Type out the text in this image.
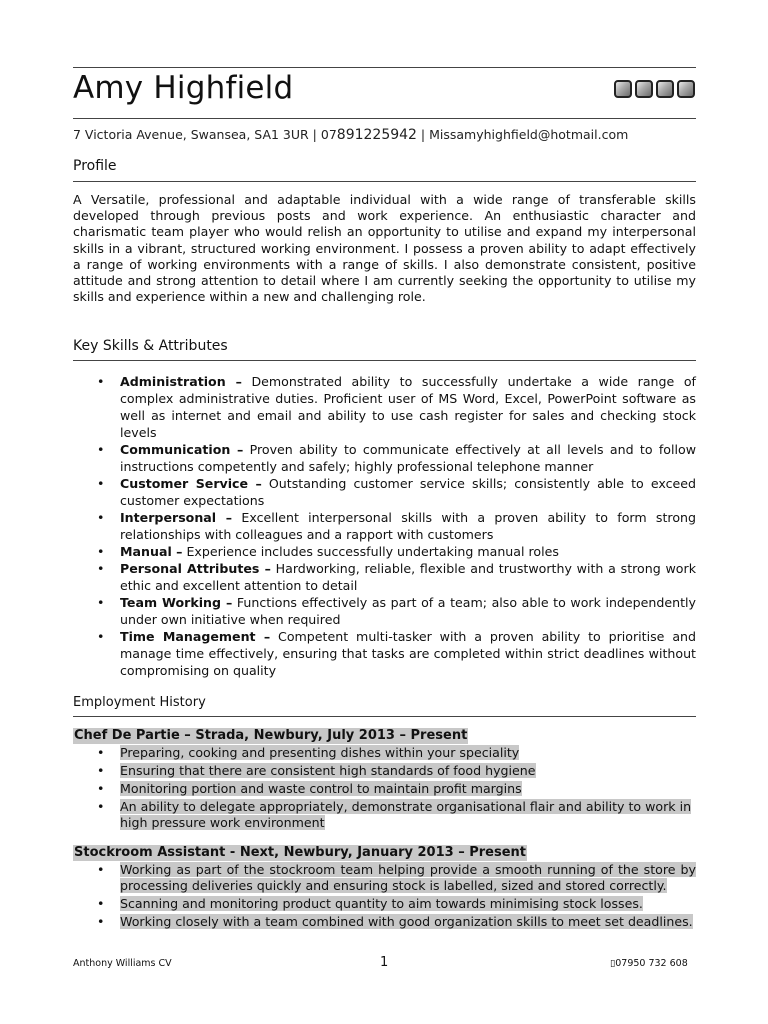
Amy Highfield
7 Victoria Avenue, Swansea, SA1 3UR | 07891225942 | Missamyhighfield@hotmail.com
Profile
A Versatile, professional and adaptable individual with a wide range of transferable skills developed through previous posts and work experience. An enthusiastic character and charismatic team player who would relish an opportunity to utilise and expand my interpersonal skills in a vibrant, structured working environment. I possess a proven ability to adapt effectively a range of working environments with a range of skills. I also demonstrate consistent, positive attitude and strong attention to detail where I am currently seeking the opportunity to utilise my skills and experience within a new and challenging role.
Key Skills & Attributes
• Administration – Demonstrated ability to successfully undertake a wide range of complex administrative duties. Proficient user of MS Word, Excel, PowerPoint software as well as internet and email and ability to use cash register for sales and checking stock levels
• Communication – Proven ability to communicate effectively at all levels and to follow instructions competently and safely; highly professional telephone manner
• Customer Service – Outstanding customer service skills; consistently able to exceed customer expectations
• Interpersonal – Excellent interpersonal skills with a proven ability to form strong relationships with colleagues and a rapport with customers
• Manual – Experience includes successfully undertaking manual roles
• Personal Attributes – Hardworking, reliable, flexible and trustworthy with a strong work ethic and excellent attention to detail
• Team Working – Functions effectively as part of a team; also able to work independently under own initiative when required
• Time Management – Competent multi-tasker with a proven ability to prioritise and manage time effectively, ensuring that tasks are completed within strict deadlines without compromising on quality
Employment History
Chef De Partie – Strada, Newbury, July 2013 – Present
• Preparing, cooking and presenting dishes within your speciality
• Ensuring that there are consistent high standards of food hygiene
• Monitoring portion and waste control to maintain profit margins
• An ability to delegate appropriately, demonstrate organisational flair and ability to work in high pressure work environment
Stockroom Assistant - Next, Newbury, January 2013 – Present
• Working as part of the stockroom team helping provide a smooth running of the store by processing deliveries quickly and ensuring stock is labelled, sized and stored correctly.
• Scanning and monitoring product quantity to aim towards minimising stock losses.
• Working closely with a team combined with good organization skills to meet set deadlines.
Anthony Williams CV	1	▯07950 732 608
